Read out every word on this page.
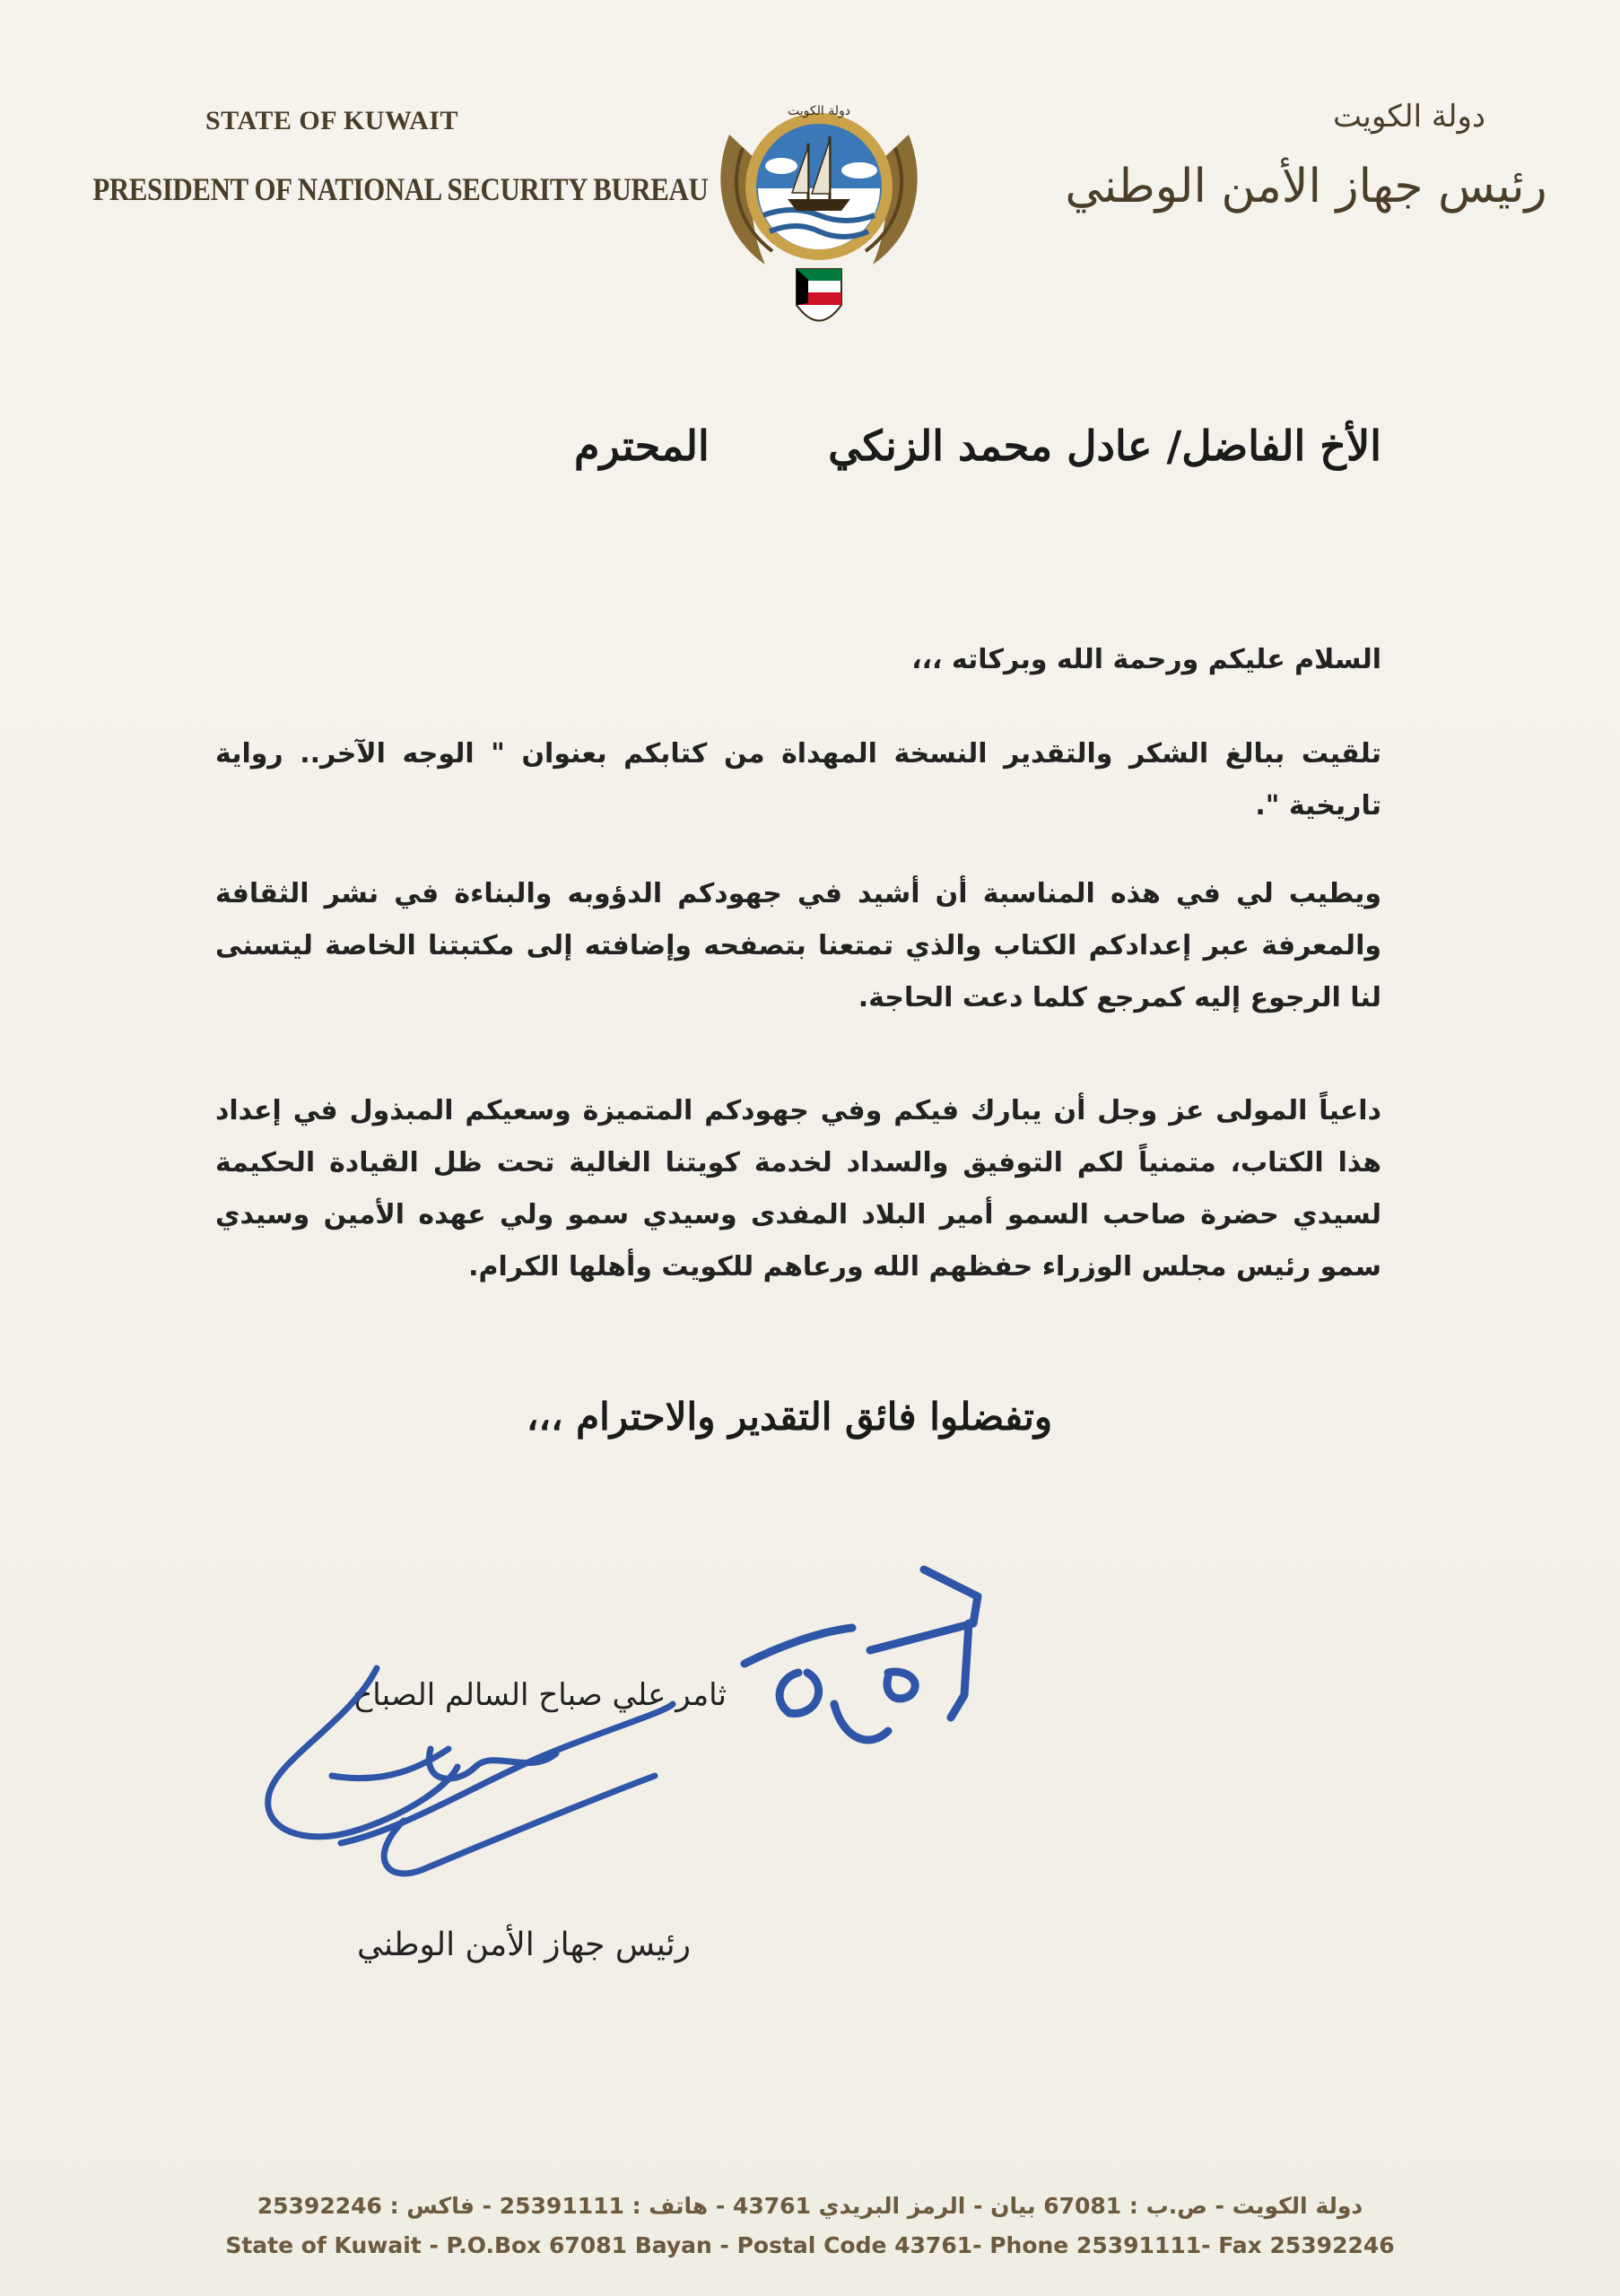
STATE OF KUWAIT
PRESIDENT OF NATIONAL SECURITY BUREAU
دولة الكويت	دولة الكويت
رئيس جهاز الأمن الوطني
الأخ الفاضل/ عادل محمد الزنكي
المحترم
السلام عليكم ورحمة الله وبركاته ،،،
تلقيت ببالغ الشكر والتقدير النسخة المهداة من كتابكم بعنوان " الوجه الآخر.. رواية تاريخية ".
ويطيب لي في هذه المناسبة أن أشيد في جهودكم الدؤوبه والبناءة في نشر الثقافة والمعرفة عبر إعدادكم الكتاب والذي تمتعنا بتصفحه وإضافته إلى مكتبتنا الخاصة ليتسنى لنا الرجوع إليه كمرجع كلما دعت الحاجة.
داعياً المولى عز وجل أن يبارك فيكم وفي جهودكم المتميزة وسعيكم المبذول في إعداد هذا الكتاب، متمنياً لكم التوفيق والسداد لخدمة كويتنا الغالية تحت ظل القيادة الحكيمة لسيدي حضرة صاحب السمو أمير البلاد المفدى وسيدي سمو ولي عهده الأمين وسيدي سمو رئيس مجلس الوزراء حفظهم الله ورعاهم للكويت وأهلها الكرام.
وتفضلوا فائق التقدير والاحترام ،،،
ثامر علي صباح السالم الصباح
رئيس جهاز الأمن الوطني
دولة الكويت - ص.ب : 67081 بيان - الرمز البريدي 43761 - هاتف : 25391111 - فاكس : 25392246
State of Kuwait - P.O.Box 67081 Bayan - Postal Code 43761- Phone 25391111- Fax 25392246
